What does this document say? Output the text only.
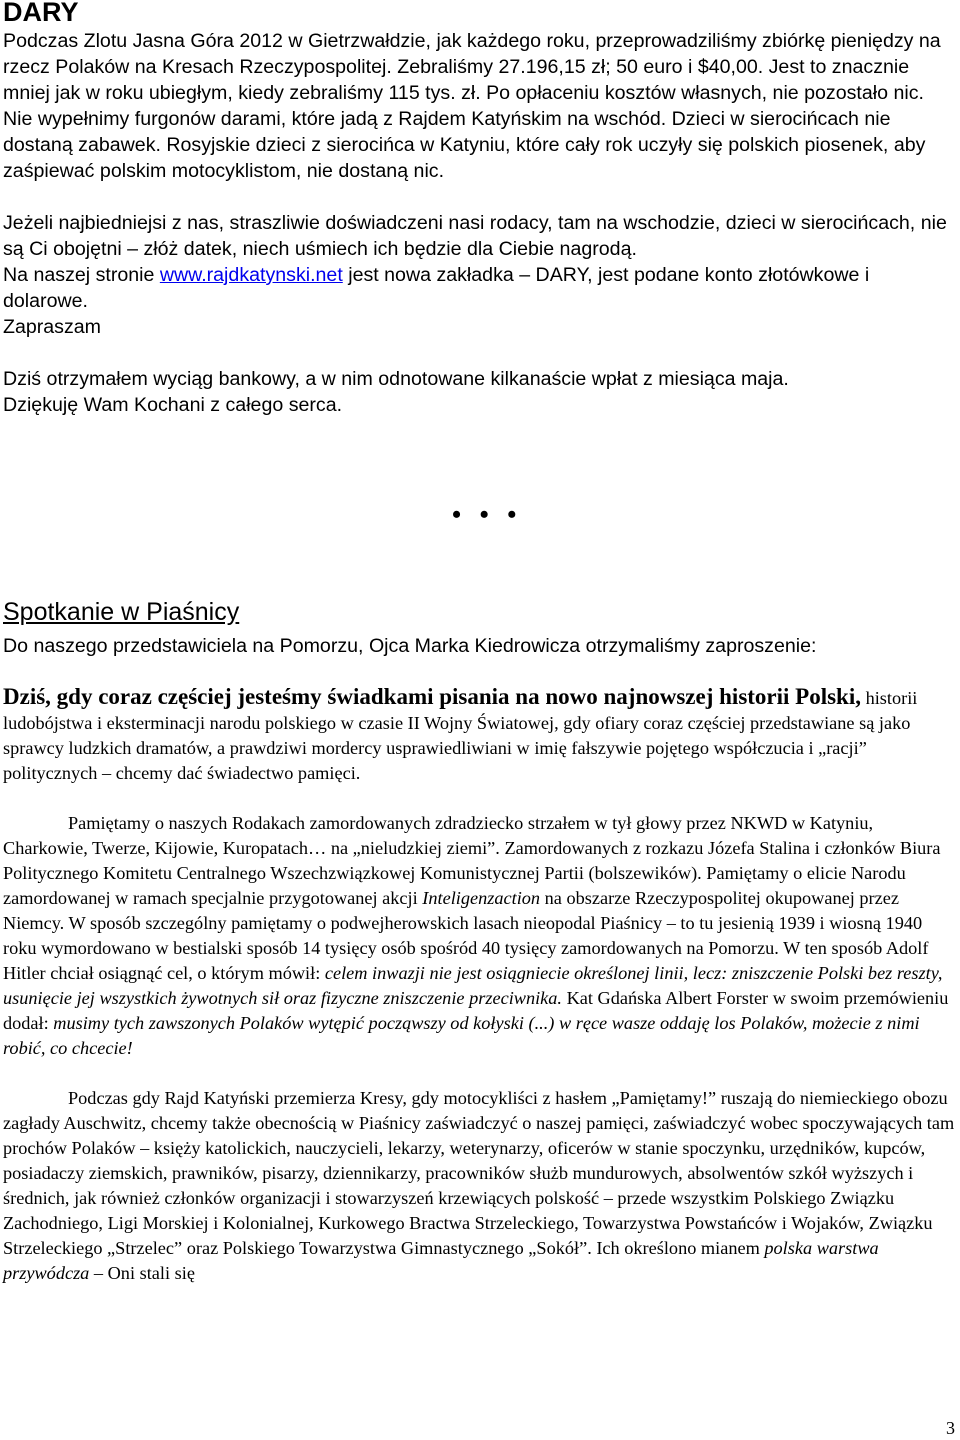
DARY

Podczas Zlotu Jasna Góra 2012 w Gietrzwałdzie, jak każdego roku, przeprowadziliśmy zbiórkę pieniędzy na rzecz Polaków na Kresach Rzeczypospolitej. Zebraliśmy 27.196,15 zł; 50 euro i $40,00. Jest to znacznie mniej jak w roku ubiegłym, kiedy zebraliśmy 115 tys. zł. Po opłaceniu kosztów własnych, nie pozostało nic.
Nie wypełnimy furgonów darami, które jadą z Rajdem Katyńskim na wschód. Dzieci w sierocińcach nie dostaną zabawek. Rosyjskie dzieci z sierocińca w Katyniu, które cały rok uczyły się polskich piosenek, aby zaśpiewać polskim motocyklistom, nie dostaną nic.

Jeżeli najbiedniejsi z nas, straszliwie doświadczeni nasi rodacy, tam na wschodzie, dzieci w sierocińcach, nie są Ci obojętni – złóż datek, niech uśmiech ich będzie dla Ciebie nagrodą.
Na naszej stronie www.rajdkatynski.net jest nowa zakładka – DARY, jest podane konto złotówkowe i dolarowe.
Zapraszam

Dziś otrzymałem wyciąg bankowy, a w nim odnotowane kilkanaście wpłat z miesiąca maja.
Dziękuję Wam Kochani z całego serca.

• • •
Spotkanie w Piaśnicy

Do naszego przedstawiciela na Pomorzu, Ojca Marka Kiedrowicza otrzymaliśmy zaproszenie:

Dziś, gdy coraz częściej jesteśmy świadkami pisania na nowo najnowszej historii Polski, historii ludobójstwa i eksterminacji narodu polskiego w czasie II Wojny Światowej, gdy ofiary coraz częściej przedstawiane są jako sprawcy ludzkich dramatów, a prawdziwi mordercy usprawiedliwiani w imię fałszywie pojętego współczucia i „racji” politycznych – chcemy dać świadectwo pamięci.

Pamiętamy o naszych Rodakach zamordowanych zdradziecko strzałem w tył głowy przez NKWD w Katyniu, Charkowie, Twerze, Kijowie, Kuropatach… na „nieludzkiej ziemi”. Zamordowanych z rozkazu Józefa Stalina i członków Biura Politycznego Komitetu Centralnego Wszechzwiązkowej Komunistycznej Partii (bolszewików). Pamiętamy o elicie Narodu zamordowanej w ramach specjalnie przygotowanej akcji Inteligenzaction na obszarze Rzeczypospolitej okupowanej przez Niemcy. W sposób szczególny pamiętamy o podwejherowskich lasach nieopodal Piaśnicy – to tu jesienią 1939 i wiosną 1940 roku wymordowano w bestialski sposób 14 tysięcy osób spośród 40 tysięcy zamordowanych na Pomorzu. W ten sposób Adolf Hitler chciał osiągnąć cel, o którym mówił: celem inwazji nie jest osiągniecie określonej linii, lecz: zniszczenie Polski bez reszty, usunięcie jej wszystkich żywotnych sił oraz fizyczne zniszczenie przeciwnika. Kat Gdańska Albert Forster w swoim przemówieniu dodał: musimy tych zawszonych Polaków wytępić począwszy od kołyski (...) w ręce wasze oddaję los Polaków, możecie z nimi robić, co chcecie!

Podczas gdy Rajd Katyński przemierza Kresy, gdy motocykliści z hasłem „Pamiętamy!” ruszają do niemieckiego obozu zagłady Auschwitz, chcemy także obecnością w Piaśnicy zaświadczyć o naszej pamięci, zaświadczyć wobec spoczywających tam prochów Polaków – księży katolickich, nauczycieli, lekarzy, weterynarzy, oficerów w stanie spoczynku, urzędników, kupców, posiadaczy ziemskich, prawników, pisarzy, dziennikarzy, pracowników służb mundurowych, absolwentów szkół wyższych i średnich, jak również członków organizacji i stowarzyszeń krzewiących polskość – przede wszystkim Polskiego Związku Zachodniego, Ligi Morskiej i Kolonialnej, Kurkowego Bractwa Strzeleckiego, Towarzystwa Powstańców i Wojaków, Związku Strzeleckiego „Strzelec” oraz Polskiego Towarzystwa Gimnastycznego „Sokół”. Ich określono mianem polska warstwa przywódcza – Oni stali się

3
